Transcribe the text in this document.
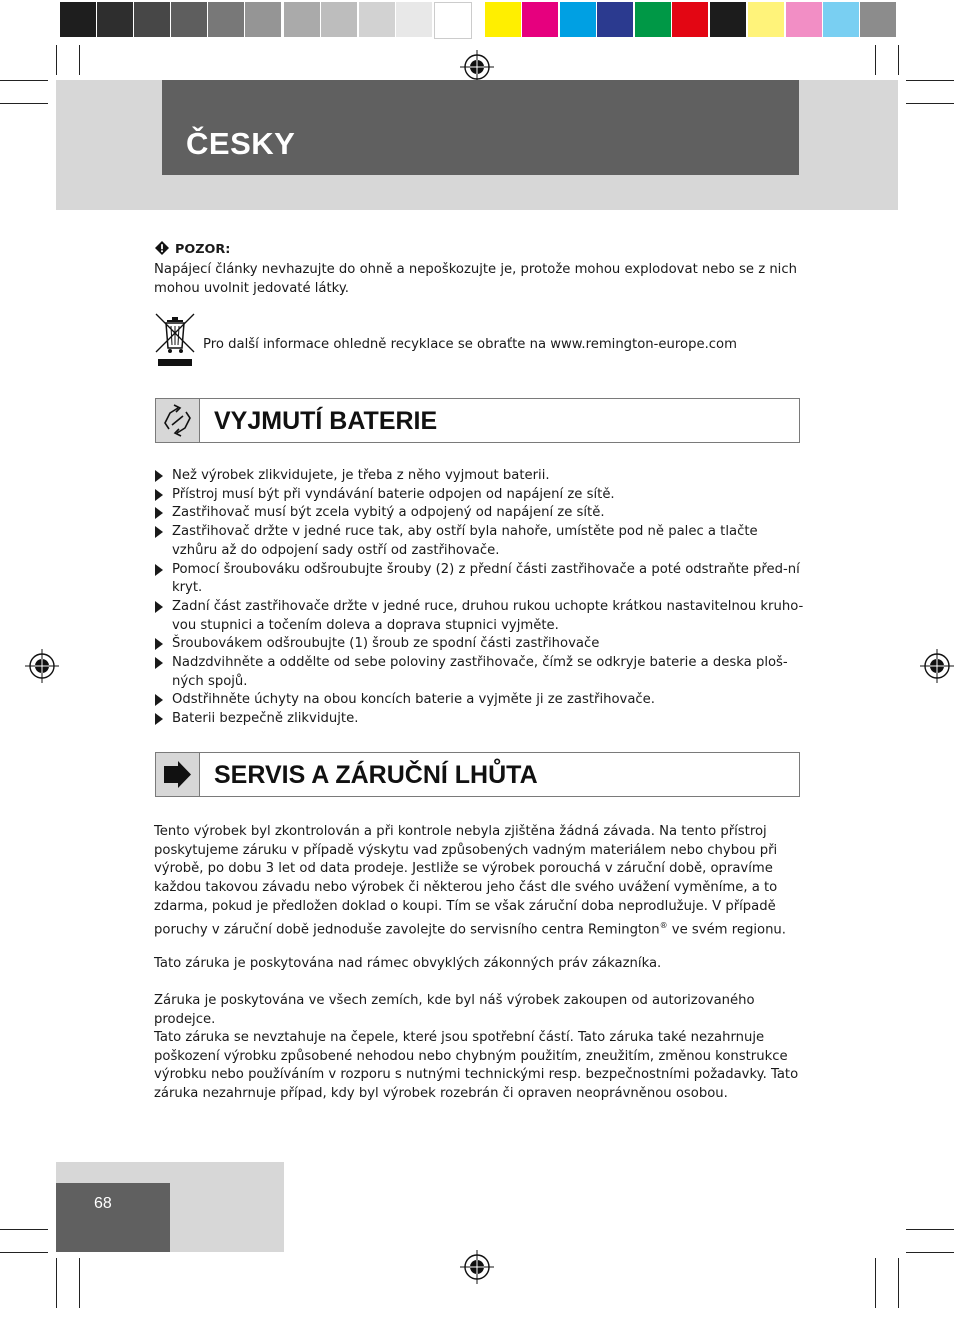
ČESKY
POZOR:
Napájecí články nevhazujte do ohně a nepoškozujte je, protože mohou explodovat nebo se z nich mohou uvolnit jedovaté látky.
Pro další informace ohledně recyklace se obraťte na www.remington-europe.com
VYJMUTÍ BATERIE
Než výrobek zlikvidujete, je třeba z něho vyjmout baterii.
Přístroj musí být při vyndávání baterie odpojen od napájení ze sítě.
Zastřihovač musí být zcela vybitý a odpojený od napájení ze sítě.
Zastřihovač držte v jedné ruce tak, aby ostří byla nahoře, umístěte pod ně palec a tlačte vzhůru až do odpojení sady ostří od zastřihovače.
Pomocí šroubováku odšroubujte šrouby (2) z přední části zastřihovače a poté odstraňte před-ní kryt.
Zadní část zastřihovače držte v jedné ruce, druhou rukou uchopte krátkou nastavitelnou kruho-vou stupnici a točením doleva a doprava stupnici vyjměte.
Šroubovákem odšroubujte (1) šroub ze spodní části zastřihovače
Nadzdvihněte a oddělte od sebe poloviny zastřihovače, čímž se odkryje baterie a deska ploš-ných spojů.
Odstřihněte úchyty na obou koncích baterie a vyjměte ji ze zastřihovače.
Baterii bezpečně zlikvidujte.
SERVIS A ZÁRUČNÍ LHŮTA
Tento výrobek byl zkontrolován a při kontrole nebyla zjištěna žádná závada. Na tento přístroj poskytujeme záruku v případě výskytu vad způsobených vadným materiálem nebo chybou při výrobě, po dobu 3 let od data prodeje. Jestliže se výrobek porouchá v záruční době, opravíme každou takovou závadu nebo výrobek či některou jeho část dle svého uvážení vyměníme, a to zdarma, pokud je předložen doklad o koupi. Tím se však záruční doba neprodlužuje. V případě poruchy v záruční době jednoduše zavolejte do servisního centra Remington® ve svém regionu.
Tato záruka je poskytována nad rámec obvyklých zákonných práv zákazníka.
Záruka je poskytována ve všech zemích, kde byl náš výrobek zakoupen od autorizovaného prodejce.
Tato záruka se nevztahuje na čepele, které jsou spotřební částí. Tato záruka také nezahrnuje poškození výrobku způsobené nehodou nebo chybným použitím, zneužitím, změnou konstrukce výrobku nebo používáním v rozporu s nutnými technickými resp. bezpečnostními požadavky. Tato záruka nezahrnuje případ, kdy byl výrobek rozebrán či opraven neoprávněnou osobou.
68
